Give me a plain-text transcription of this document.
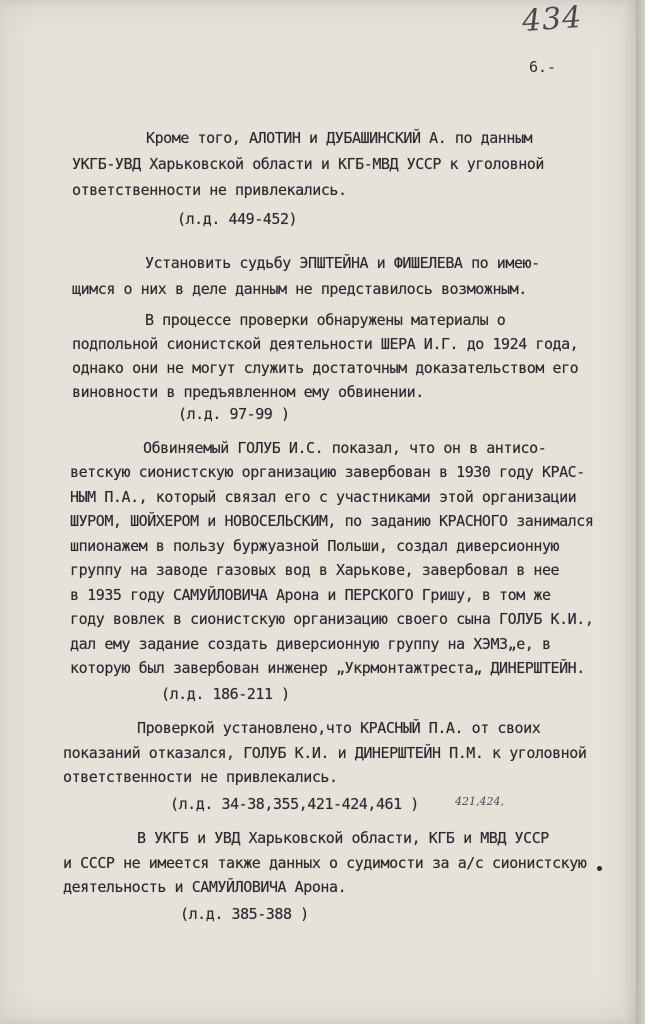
434
6.-
Кроме того, АЛОТИН и ДУБАШИНСКИЙ А. по данным
УКГБ-УВД Харьковской области и КГБ-МВД УССР к уголовной
ответственности не привлекались.
(л.д. 449-452)
Установить судьбу ЭПШТЕЙНА и ФИШЕЛЕВА по имею-
щимся о них в деле данным не представилось возможным.
В процессе проверки обнаружены материалы о
подпольной сионистской деятельности ШЕРА И.Г. до 1924 года,
однако они не могут служить достаточным доказательством его
виновности в предъявленном ему обвинении.
(л.д. 97-99 )
Обвиняемый ГОЛУБ И.С. показал, что он в антисо-
ветскую сионистскую организацию завербован в 1930 году КРАС-
НЫМ П.А., который связал его с участниками этой организации
ШУРОМ, ШОЙХЕРОМ и НОВОСЕЛЬСКИМ, по заданию КРАСНОГО занимался
шпионажем в пользу буржуазной Польши, создал диверсионную
группу на заводе газовых вод в Харькове, завербовал в нее
в 1935 году САМУЙЛОВИЧА Арона и ПЕРСКОГО Гришу, в том же
году вовлек в сионистскую организацию своего сына ГОЛУБ К.И.,
дал ему задание создать диверсионную группу на ХЭМЗ„е, в
которую был завербован инженер „Укрмонтажтреста„ ДИНЕРШТЕЙН.
(л.д. 186-211 )
Проверкой установлено,что КРАСНЫЙ П.А. от своих
показаний отказался, ГОЛУБ К.И. и ДИНЕРШТЕЙН П.М. к уголовной
ответственности не привлекались.
(л.д. 34-38,355,421-424,461 )	421,424,
В УКГБ и УВД Харьковской области, КГБ и МВД УССР
и СССР не имеется также данных о судимости за а/с сионистскую
деятельность и САМУЙЛОВИЧА Арона.
(л.д. 385-388 )
